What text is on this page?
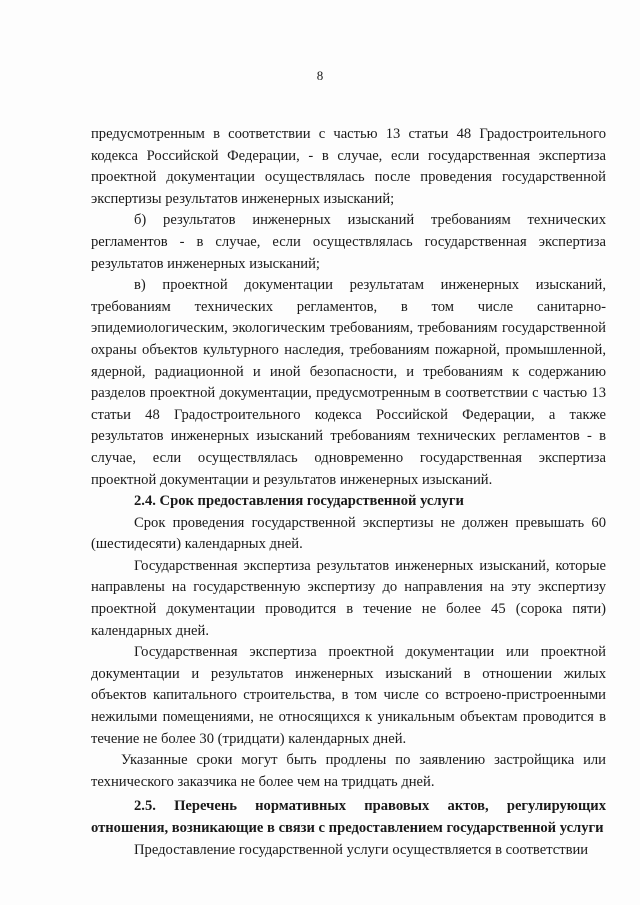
8

предусмотренным в соответствии с частью 13 статьи 48 Градостроительного кодекса Российской Федерации, - в случае, если государственная экспертиза проектной документации осуществлялась после проведения государственной экспертизы результатов инженерных изысканий;

б) результатов инженерных изысканий требованиям технических регламентов - в случае, если осуществлялась государственная экспертиза результатов инженерных изысканий;

в) проектной документации результатам инженерных изысканий, требованиям технических регламентов, в том числе санитарно-эпидемиологическим, экологическим требованиям, требованиям государственной охраны объектов культурного наследия, требованиям пожарной, промышленной, ядерной, радиационной и иной безопасности, и требованиям к содержанию разделов проектной документации, предусмотренным в соответствии с частью 13 статьи 48 Градостроительного кодекса Российской Федерации, а также результатов инженерных изысканий требованиям технических регламентов - в случае, если осуществлялась одновременно государственная экспертиза проектной документации и результатов инженерных изысканий.

2.4. Срок предоставления государственной услуги

Срок проведения государственной экспертизы не должен превышать 60 (шестидесяти) календарных дней.

Государственная экспертиза результатов инженерных изысканий, которые направлены на государственную экспертизу до направления на эту экспертизу проектной документации проводится в течение не более 45 (сорока пяти) календарных дней.

Государственная экспертиза проектной документации или проектной документации и результатов инженерных изысканий в отношении жилых объектов капитального строительства, в том числе со встроено-пристроенными нежилыми помещениями, не относящихся к уникальным объектам проводится в течение не более 30 (тридцати) календарных дней.

Указанные сроки могут быть продлены по заявлению застройщика или технического заказчика не более чем на тридцать дней.

2.5. Перечень нормативных правовых актов, регулирующих отношения, возникающие в связи с предоставлением государственной услуги

Предоставление государственной услуги осуществляется в соответствии
